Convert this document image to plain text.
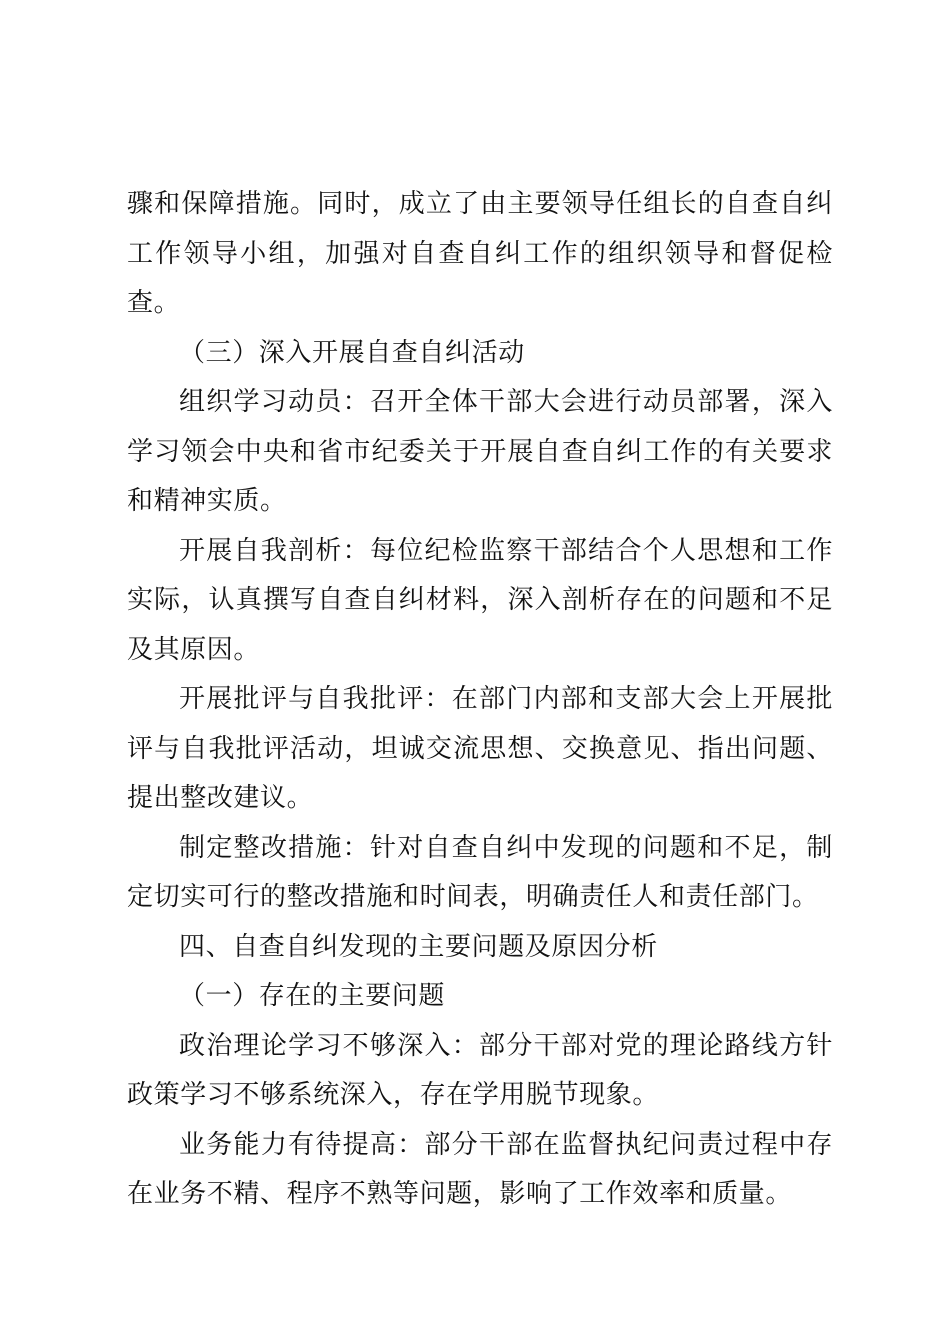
骤和保障措施。同时，成立了由主要领导任组长的自查自纠工作领导小组，加强对自查自纠工作的组织领导和督促检查。

（三）深入开展自查自纠活动

组织学习动员：召开全体干部大会进行动员部署，深入学习领会中央和省市纪委关于开展自查自纠工作的有关要求和精神实质。

开展自我剖析：每位纪检监察干部结合个人思想和工作实际，认真撰写自查自纠材料，深入剖析存在的问题和不足及其原因。

开展批评与自我批评：在部门内部和支部大会上开展批评与自我批评活动，坦诚交流思想、交换意见、指出问题、提出整改建议。

制定整改措施：针对自查自纠中发现的问题和不足，制定切实可行的整改措施和时间表，明确责任人和责任部门。

四、自查自纠发现的主要问题及原因分析

（一）存在的主要问题

政治理论学习不够深入：部分干部对党的理论路线方针政策学习不够系统深入，存在学用脱节现象。

业务能力有待提高：部分干部在监督执纪问责过程中存在业务不精、程序不熟等问题，影响了工作效率和质量。
